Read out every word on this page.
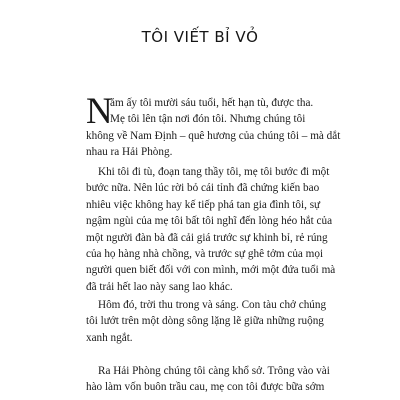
TÔI VIẾT BỈ VỎ
N
ăm ấy tôi mười sáu tuổi, hết hạn tù, được tha.
Mẹ tôi lên tận nơi đón tôi. Nhưng chúng tôi
không về Nam Định – quê hương của chúng tôi – mà dắt
nhau ra Hải Phòng.
Khi tôi đi tù, đoạn tang thầy tôi, mẹ tôi bước đi một
bước nữa. Nên lúc rời bỏ cái tỉnh đã chứng kiến bao
nhiêu việc không hay kế tiếp phá tan gia đình tôi, sự
ngậm ngùi của mẹ tôi bất tôi nghĩ đến lòng héo hắt của
một người đàn bà đã cải giá trước sự khinh bỉ, rẻ rúng
của họ hàng nhà chồng, và trước sự ghê tởm của mọi
người quen biết đối với con mình, mới một đứa tuổi mà
đã trải hết lao này sang lao khác.
Hôm đó, trời thu trong và sáng. Con tàu chở chúng
tôi lướt trên một dòng sông lặng lẽ giữa những ruộng
xanh ngắt.
Ra Hải Phòng chúng tôi càng khổ sở. Trông vào vài
hào làm vốn buôn trầu cau, mẹ con tôi được bữa sớm
